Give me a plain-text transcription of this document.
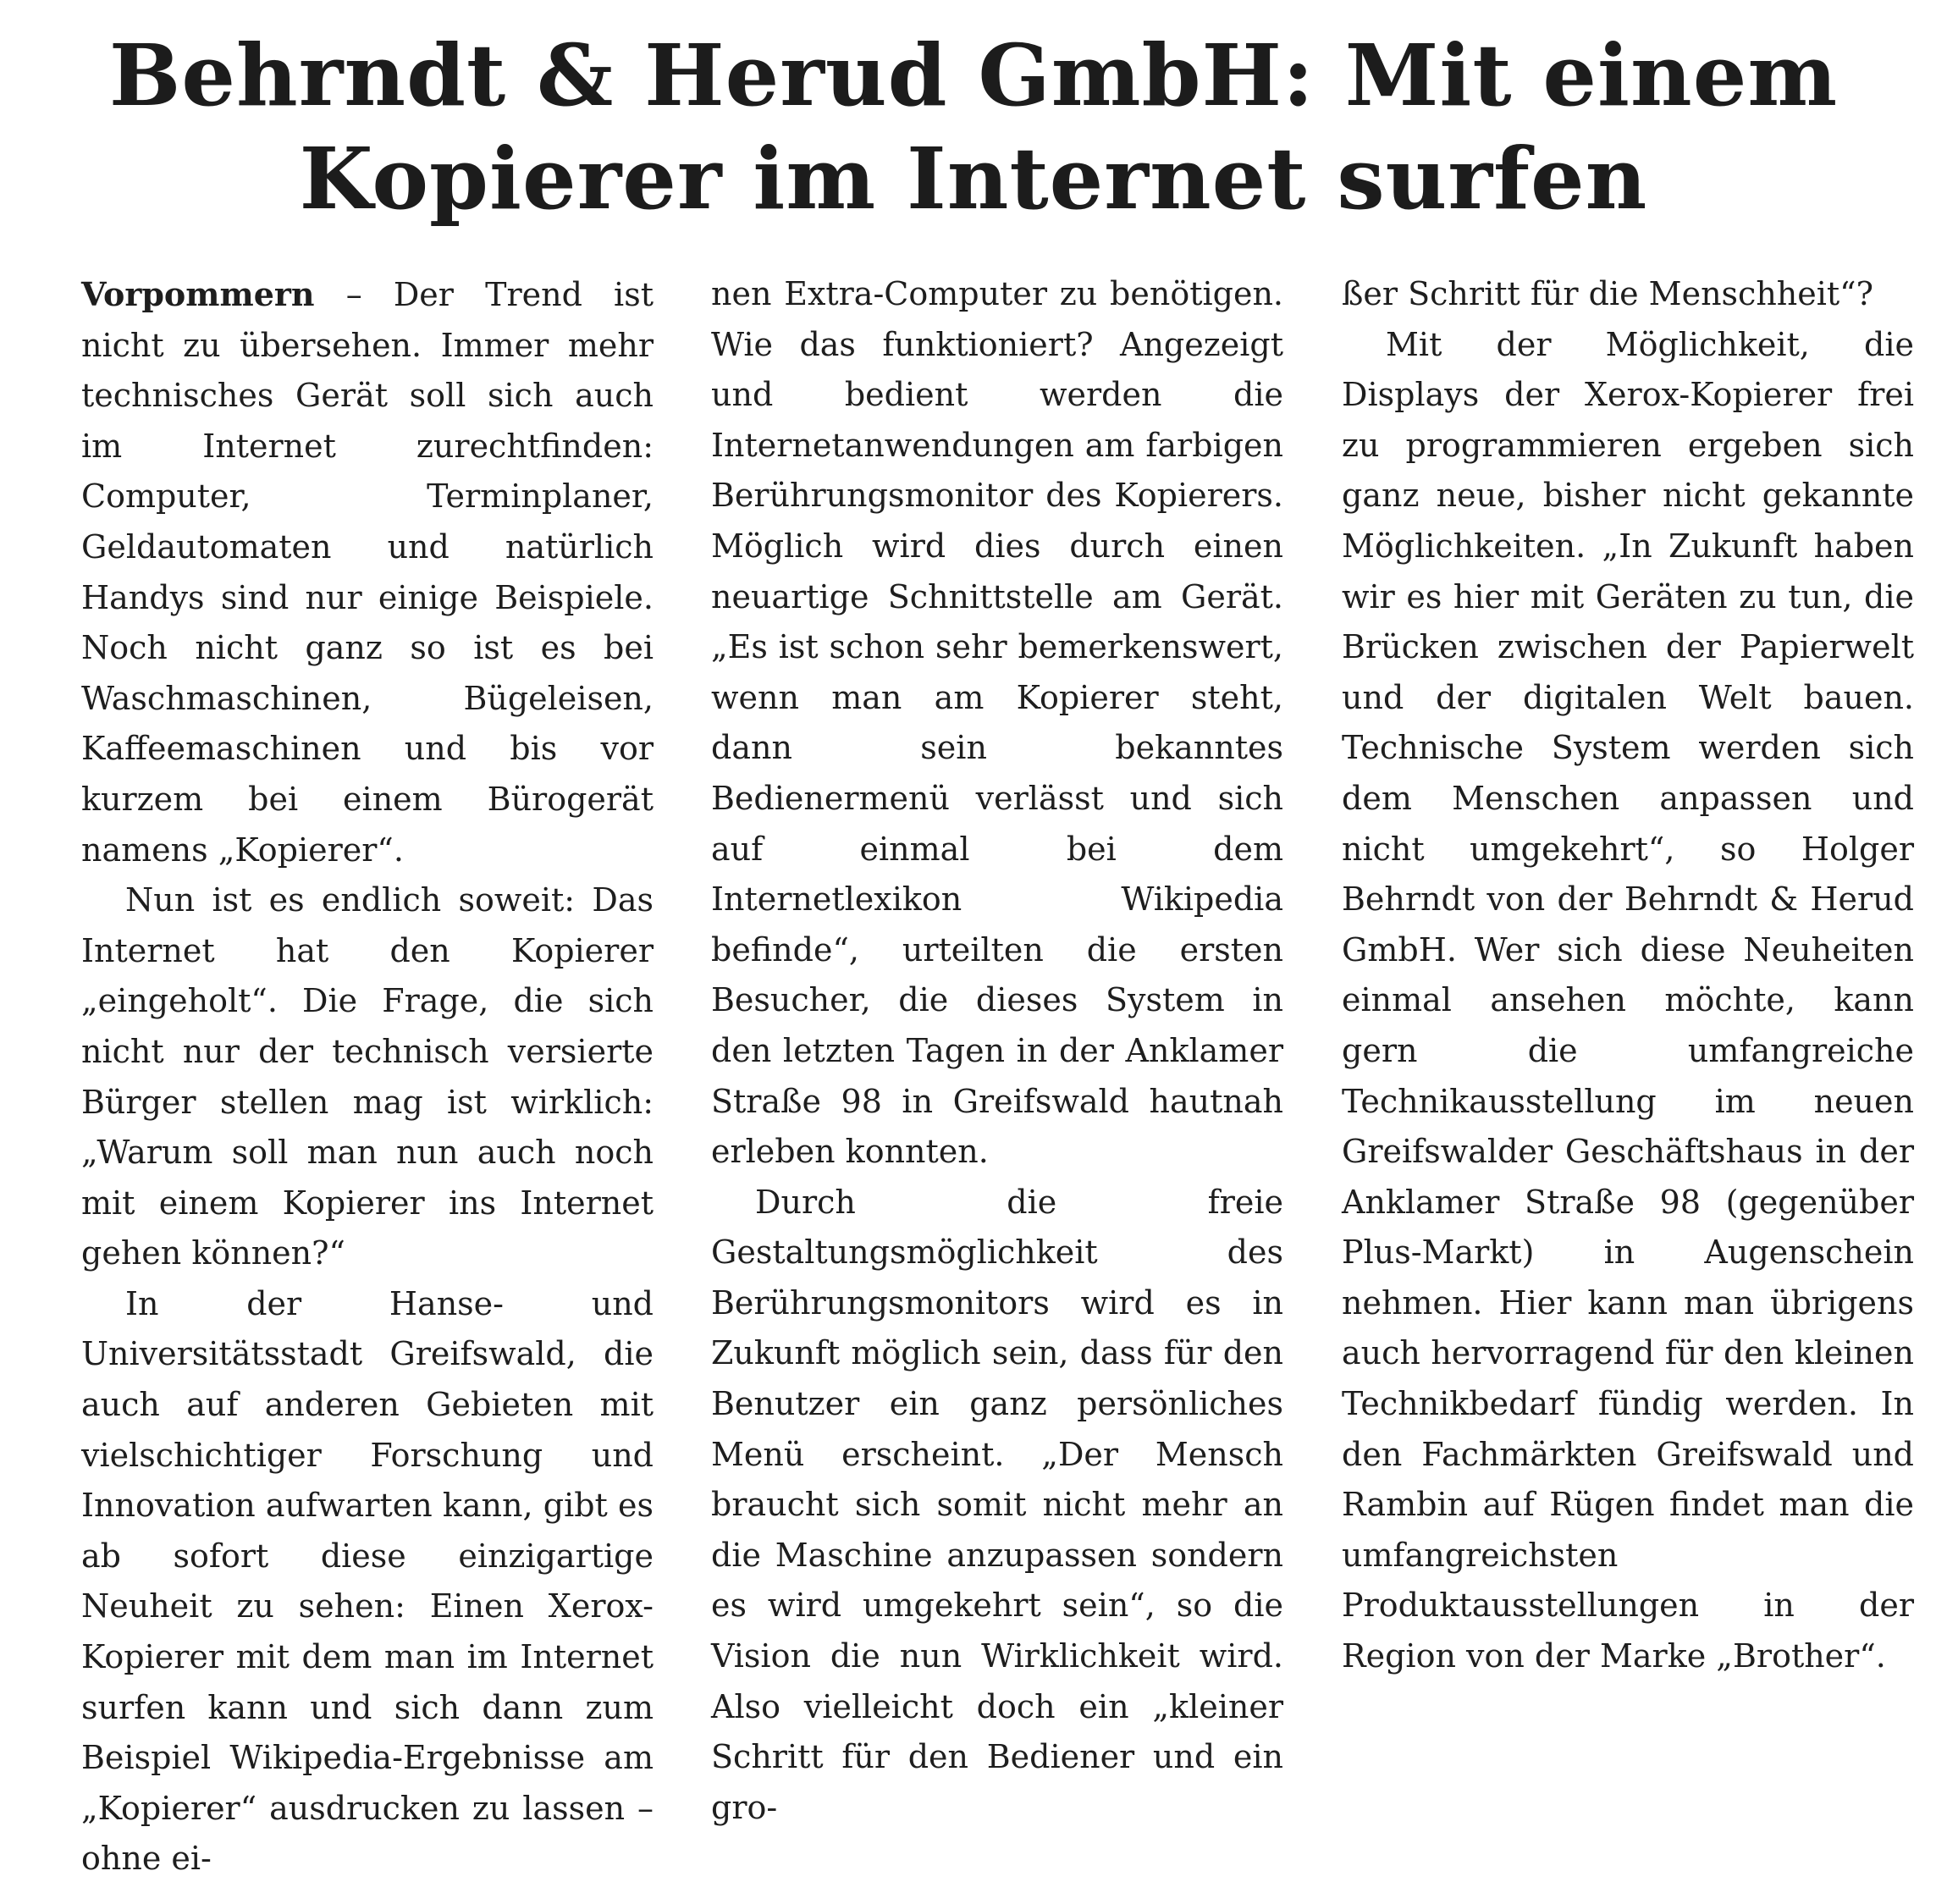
Behrndt & Herud GmbH: Mit einem
Kopierer im Internet surfen

Vorpommern – Der Trend ist nicht zu übersehen. Immer mehr technisches Gerät soll sich auch im Internet zurechtfinden: Computer, Terminplaner, Geldautomaten und natürlich Handys sind nur einige Beispiele. Noch nicht ganz so ist es bei Waschmaschinen, Bügeleisen, Kaffeemaschinen und bis vor kurzem bei einem Bürogerät namens „Kopierer“.

Nun ist es endlich soweit: Das Internet hat den Kopierer „eingeholt“. Die Frage, die sich nicht nur der technisch versierte Bürger stellen mag ist wirklich: „Warum soll man nun auch noch mit einem Kopierer ins Internet gehen können?“

In der Hanse- und Universitätsstadt Greifswald, die auch auf anderen Gebieten mit vielschichtiger Forschung und Innovation aufwarten kann, gibt es ab sofort diese einzigartige Neuheit zu sehen: Einen Xerox-Kopierer mit dem man im Internet surfen kann und sich dann zum Beispiel Wikipedia-Ergebnisse am „Kopierer“ ausdrucken zu lassen – ohne ei-

nen Extra-Computer zu benötigen. Wie das funktioniert? Angezeigt und bedient werden die Internetanwendungen am farbigen Berührungsmonitor des Kopierers. Möglich wird dies durch einen neuartige Schnittstelle am Gerät. „Es ist schon sehr bemerkenswert, wenn man am Kopierer steht, dann sein bekanntes Bedienermenü verlässt und sich auf einmal bei dem Internetlexikon Wikipedia befinde“, urteilten die ersten Besucher, die dieses System in den letzten Tagen in der Anklamer Straße 98 in Greifswald hautnah erleben konnten.

Durch die freie Gestaltungsmöglichkeit des Berührungsmonitors wird es in Zukunft möglich sein, dass für den Benutzer ein ganz persönliches Menü erscheint. „Der Mensch braucht sich somit nicht mehr an die Maschine anzupassen sondern es wird umgekehrt sein“, so die Vision die nun Wirklichkeit wird. Also vielleicht doch ein „kleiner Schritt für den Bediener und ein gro-

ßer Schritt für die Menschheit“?

Mit der Möglichkeit, die Displays der Xerox-Kopierer frei zu programmieren ergeben sich ganz neue, bisher nicht gekannte Möglichkeiten. „In Zukunft haben wir es hier mit Geräten zu tun, die Brücken zwischen der Papierwelt und der digitalen Welt bauen. Technische System werden sich dem Menschen anpassen und nicht umgekehrt“, so Holger Behrndt von der Behrndt & Herud GmbH. Wer sich diese Neuheiten einmal ansehen möchte, kann gern die umfangreiche Technikausstellung im neuen Greifswalder Geschäftshaus in der Anklamer Straße 98 (gegenüber Plus-Markt) in Augenschein nehmen. Hier kann man übrigens auch hervorragend für den kleinen Technikbedarf fündig werden. In den Fachmärkten Greifswald und Rambin auf Rügen findet man die umfangreichsten Produktausstellungen in der Region von der Marke „Brother“.
